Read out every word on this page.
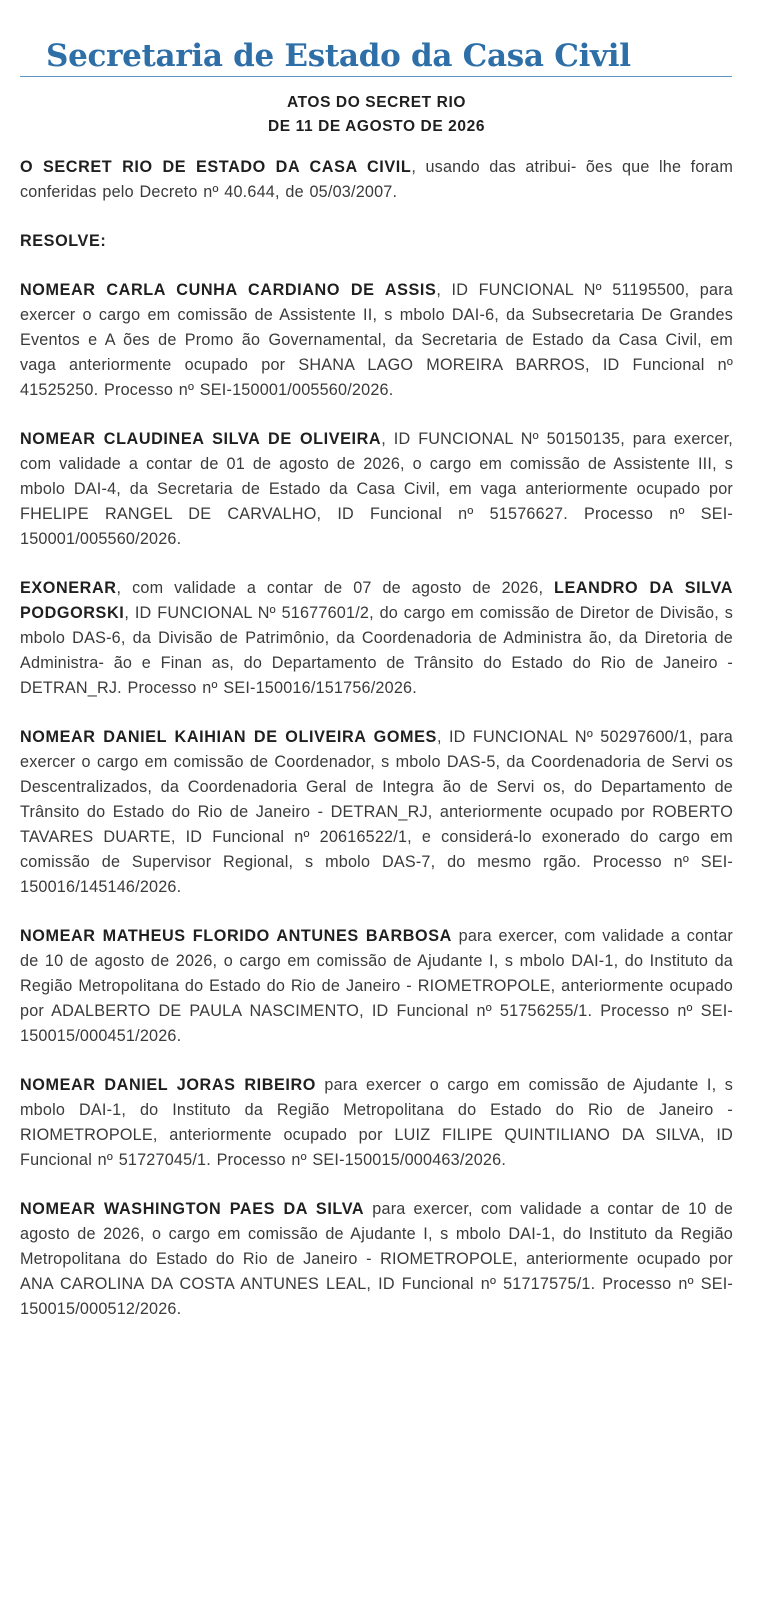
Secretaria de Estado da Casa Civil
ATOS DO SECRET RIO
DE 11 DE AGOSTO DE 2026

O SECRET RIO DE ESTADO DA CASA CIVIL, usando das atribui- ões que lhe foram conferidas pelo Decreto nº 40.644, de 05/03/2007.

RESOLVE:

NOMEAR CARLA CUNHA CARDIANO DE ASSIS, ID FUNCIONAL Nº 51195500, para exercer o cargo em comissão de Assistente II, s mbolo DAI-6, da Subsecretaria De Grandes Eventos e A ões de Promo ão Governamental, da Secretaria de Estado da Casa Civil, em vaga anteriormente ocupado por SHANA LAGO MOREIRA BARROS, ID Funcional nº 41525250. Processo nº SEI-150001/005560/2026.

NOMEAR CLAUDINEA SILVA DE OLIVEIRA, ID FUNCIONAL Nº 50150135, para exercer, com validade a contar de 01 de agosto de 2026, o cargo em comissão de Assistente III, s mbolo DAI-4, da Secretaria de Estado da Casa Civil, em vaga anteriormente ocupado por FHELIPE RANGEL DE CARVALHO, ID Funcional nº 51576627. Processo nº SEI-150001/005560/2026.

EXONERAR, com validade a contar de 07 de agosto de 2026, LEANDRO DA SILVA PODGORSKI, ID FUNCIONAL Nº 51677601/2, do cargo em comissão de Diretor de Divisão, s mbolo DAS-6, da Divisão de Patrimônio, da Coordenadoria de Administra ão, da Diretoria de Administra- ão e Finan as, do Departamento de Trânsito do Estado do Rio de Janeiro - DETRAN_RJ. Processo nº SEI-150016/151756/2026.

NOMEAR DANIEL KAIHIAN DE OLIVEIRA GOMES, ID FUNCIONAL Nº 50297600/1, para exercer o cargo em comissão de Coordenador, s mbolo DAS-5, da Coordenadoria de Servi os Descentralizados, da Coordenadoria Geral de Integra ão de Servi os, do Departamento de Trânsito do Estado do Rio de Janeiro - DETRAN_RJ, anteriormente ocupado por ROBERTO TAVARES DUARTE, ID Funcional nº 20616522/1, e considerá-lo exonerado do cargo em comissão de Supervisor Regional, s mbolo DAS-7, do mesmo rgão. Processo nº SEI-150016/145146/2026.

NOMEAR MATHEUS FLORIDO ANTUNES BARBOSA para exercer, com validade a contar de 10 de agosto de 2026, o cargo em comissão de Ajudante I, s mbolo DAI-1, do Instituto da Região Metropolitana do Estado do Rio de Janeiro - RIOMETROPOLE, anteriormente ocupado por ADALBERTO DE PAULA NASCIMENTO, ID Funcional nº 51756255/1. Processo nº SEI-150015/000451/2026.

NOMEAR DANIEL JORAS RIBEIRO para exercer o cargo em comissão de Ajudante I, s mbolo DAI-1, do Instituto da Região Metropolitana do Estado do Rio de Janeiro - RIOMETROPOLE, anteriormente ocupado por LUIZ FILIPE QUINTILIANO DA SILVA, ID Funcional nº 51727045/1. Processo nº SEI-150015/000463/2026.

NOMEAR WASHINGTON PAES DA SILVA para exercer, com validade a contar de 10 de agosto de 2026, o cargo em comissão de Ajudante I, s mbolo DAI-1, do Instituto da Região Metropolitana do Estado do Rio de Janeiro - RIOMETROPOLE, anteriormente ocupado por ANA CAROLINA DA COSTA ANTUNES LEAL, ID Funcional nº 51717575/1. Processo nº SEI-150015/000512/2026.
